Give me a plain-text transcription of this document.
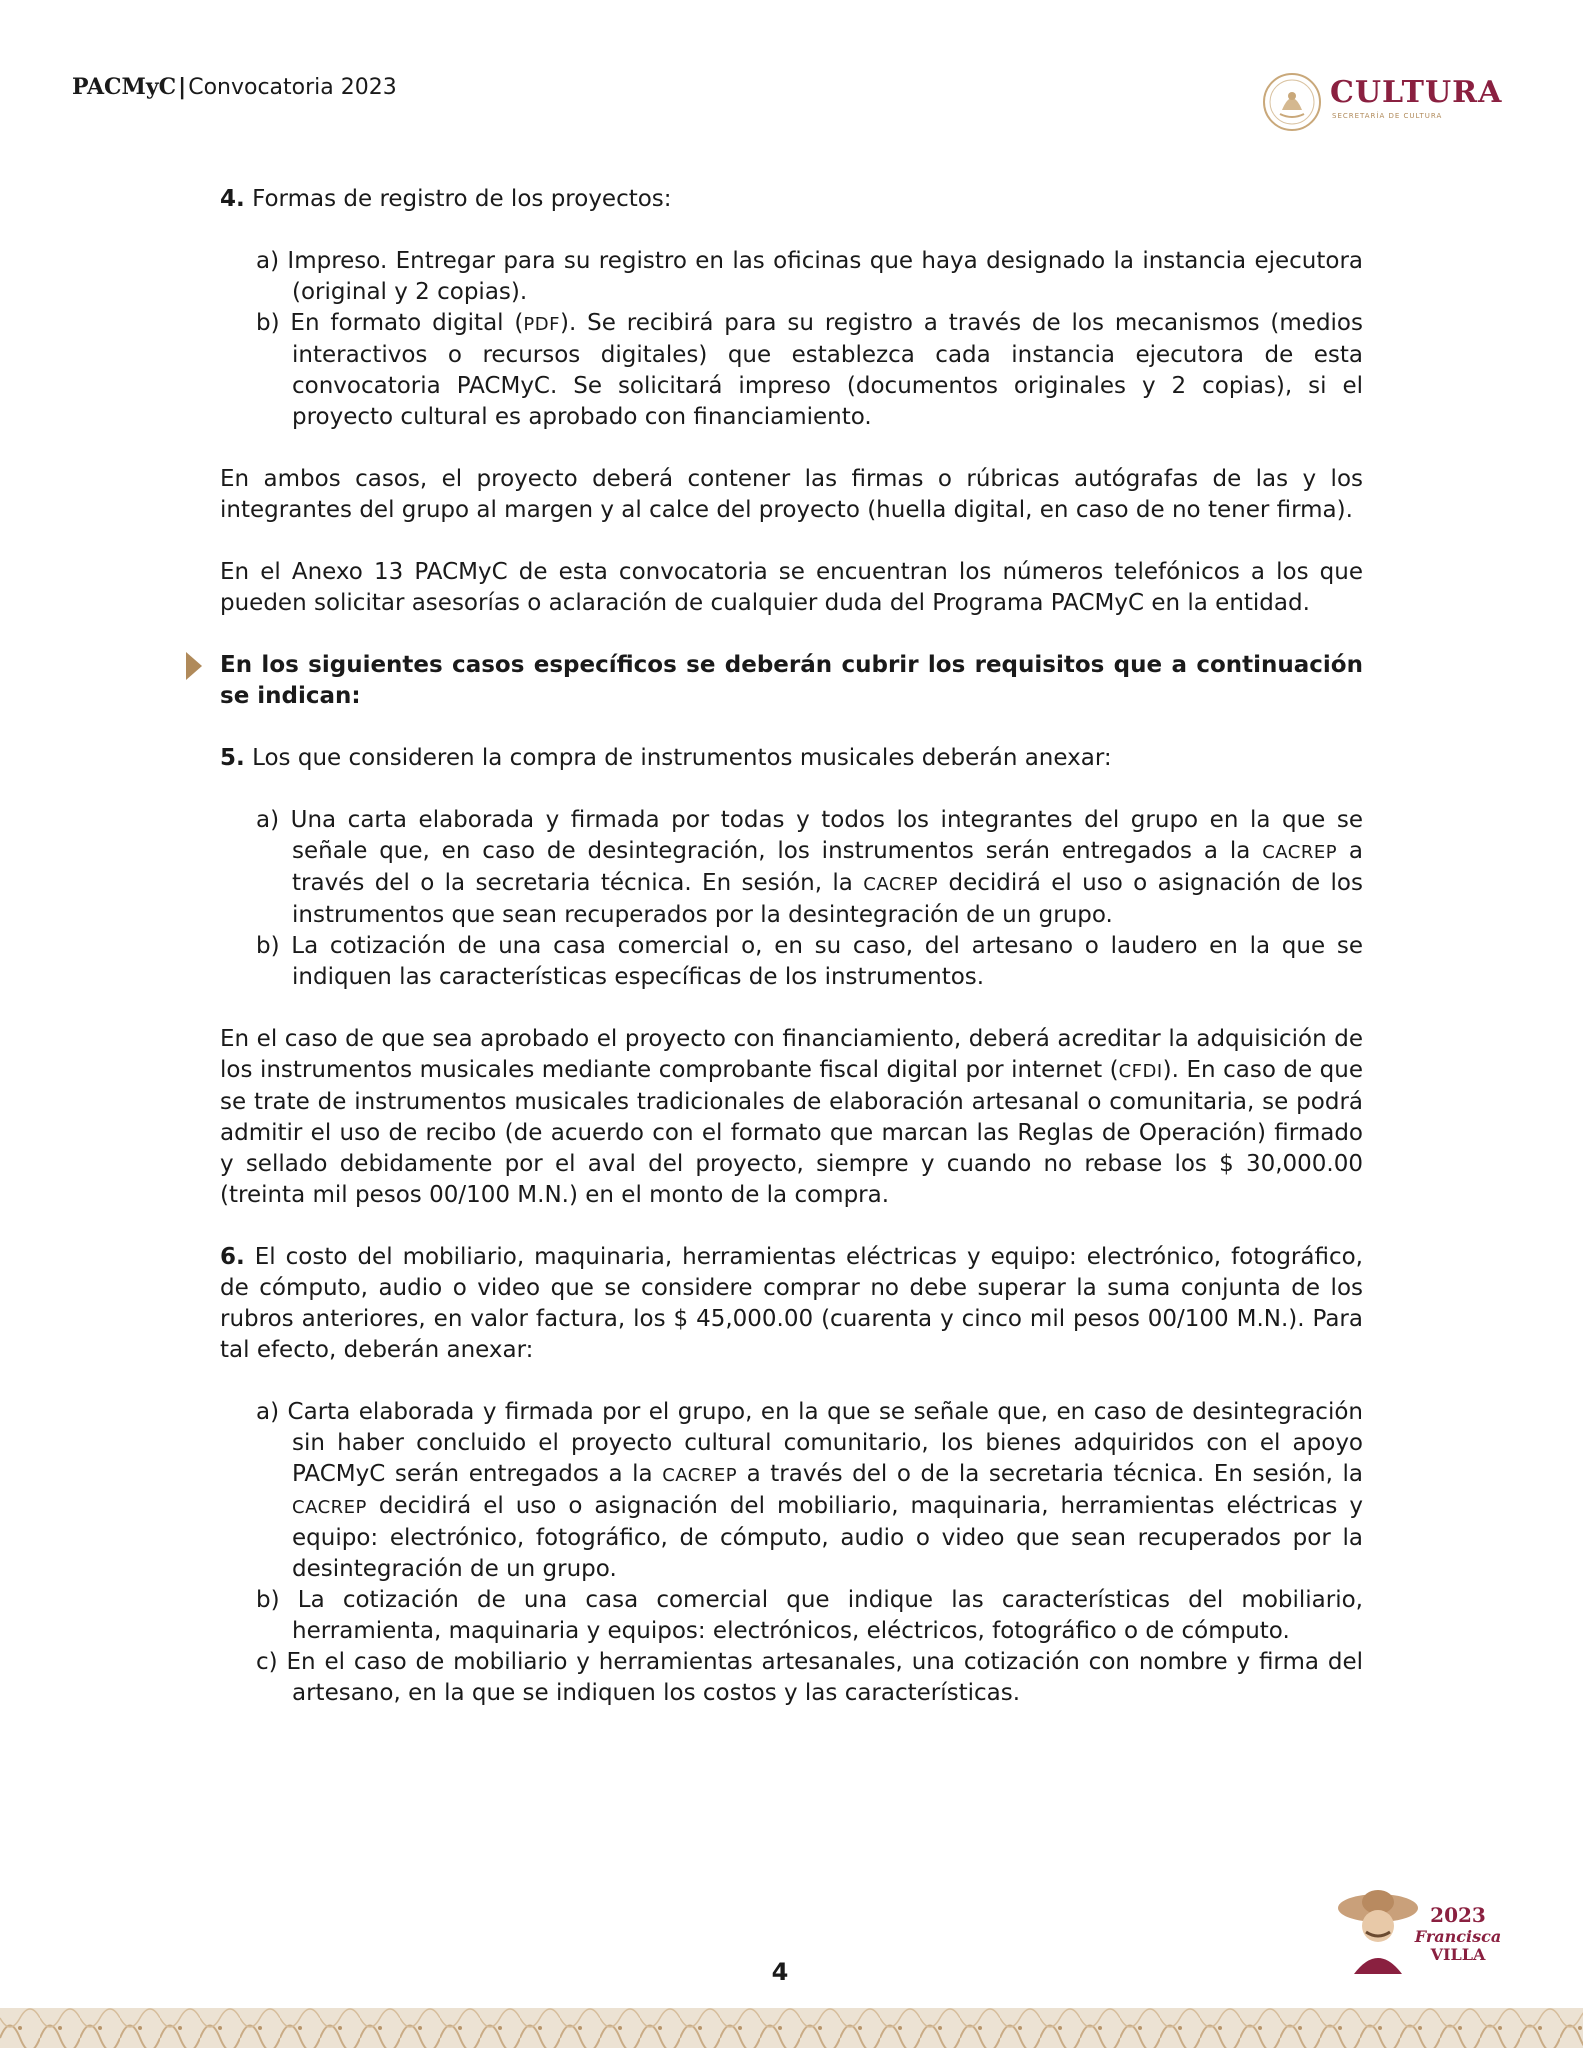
PACMyC|Convocatoria 2023	CULTURA
SECRETARÍA DE CULTURA

4. Formas de registro de los proyectos:

a) Impreso. Entregar para su registro en las oficinas que haya designado la instancia ejecutora (original y 2 copias).
b) En formato digital (PDF). Se recibirá para su registro a través de los mecanismos (medios interactivos o recursos digitales) que establezca cada instancia ejecutora de esta convocatoria PACMyC. Se solicitará impreso (documentos originales y 2 copias), si el proyecto cultural es aprobado con financiamiento.

En ambos casos, el proyecto deberá contener las firmas o rúbricas autógrafas de las y los integrantes del grupo al margen y al calce del proyecto (huella digital, en caso de no tener firma).

En el Anexo 13 PACMyC de esta convocatoria se encuentran los números telefónicos a los que pueden solicitar asesorías o aclaración de cualquier duda del Programa PACMyC en la entidad.

En los siguientes casos específicos se deberán cubrir los requisitos que a continuación se indican:

5. Los que consideren la compra de instrumentos musicales deberán anexar:

a) Una carta elaborada y firmada por todas y todos los integrantes del grupo en la que se señale que, en caso de desintegración, los instrumentos serán entregados a la CACREP a través del o la secretaria técnica. En sesión, la CACREP decidirá el uso o asignación de los instrumentos que sean recuperados por la desintegración de un grupo.
b) La cotización de una casa comercial o, en su caso, del artesano o laudero en la que se indiquen las características específicas de los instrumentos.

En el caso de que sea aprobado el proyecto con financiamiento, deberá acreditar la adquisición de los instrumentos musicales mediante comprobante fiscal digital por internet (CFDI). En caso de que se trate de instrumentos musicales tradicionales de elaboración artesanal o comunitaria, se podrá admitir el uso de recibo (de acuerdo con el formato que marcan las Reglas de Operación) firmado y sellado debidamente por el aval del proyecto, siempre y cuando no rebase los $ 30,000.00 (treinta mil pesos 00/100 M.N.) en el monto de la compra.

6. El costo del mobiliario, maquinaria, herramientas eléctricas y equipo: electrónico, fotográfico, de cómputo, audio o video que se considere comprar no debe superar la suma conjunta de los rubros anteriores, en valor factura, los $ 45,000.00 (cuarenta y cinco mil pesos 00/100 M.N.). Para tal efecto, deberán anexar:

a) Carta elaborada y firmada por el grupo, en la que se señale que, en caso de desintegración sin haber concluido el proyecto cultural comunitario, los bienes adquiridos con el apoyo PACMyC serán entregados a la CACREP a través del o de la secretaria técnica. En sesión, la CACREP decidirá el uso o asignación del mobiliario, maquinaria, herramientas eléctricas y equipo: electrónico, fotográfico, de cómputo, audio o video que sean recuperados por la desintegración de un grupo.
b) La cotización de una casa comercial que indique las características del mobiliario, herramienta, maquinaria y equipos: electrónicos, eléctricos, fotográfico o de cómputo.
c) En el caso de mobiliario y herramientas artesanales, una cotización con nombre y firma del artesano, en la que se indiquen los costos y las características.
4
2023
Francisca
VILLA
